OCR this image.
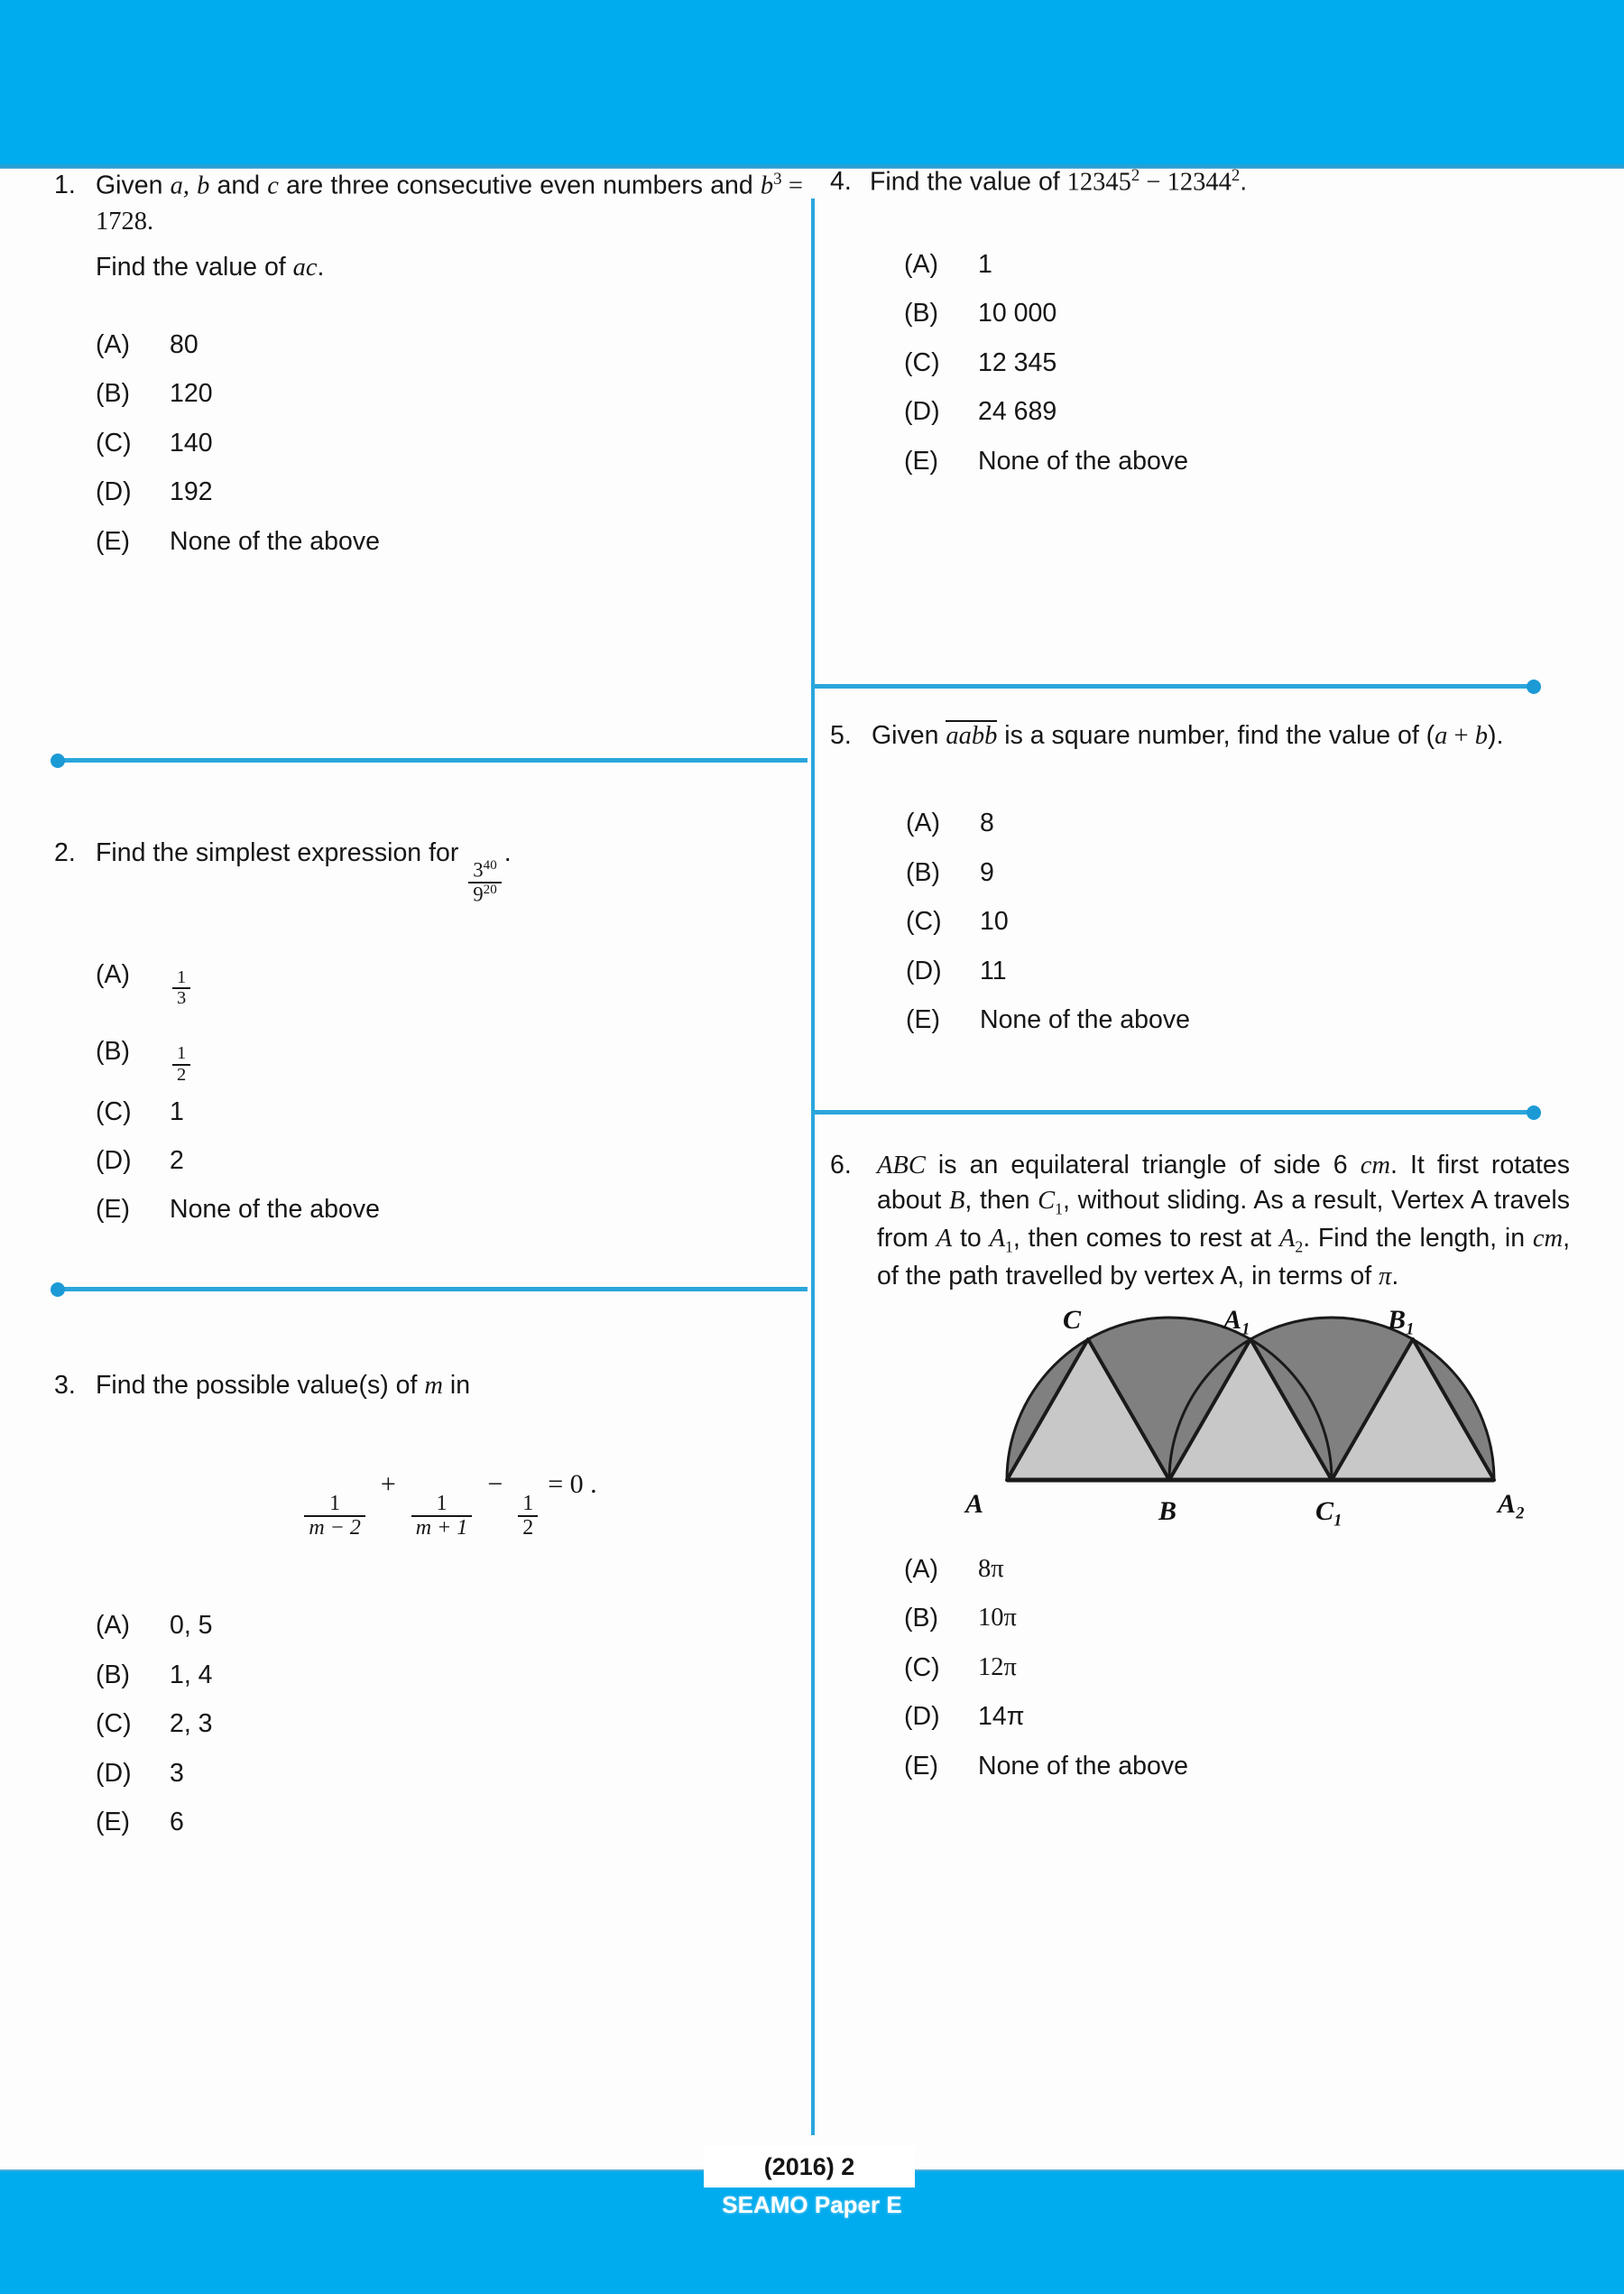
1. Given a, b and c are three consecutive even numbers and $b^3 = 1728$.
Find the value of ac.
(A)	80
(B)	120
(C)	140
(D)	192
(E)	None of the above
2. Find the simplest expression for
$\frac{3^{40}}{9^{20}}$
.
(A)	$\frac{1}{3}$
(B)	$\frac{1}{2}$
(C)	1
(D)	2
(E)	None of the above
3. Find the possible value(s) of m in
$\frac{1}{m - 2}$
+
$\frac{1}{m + 1}$
−
$\frac{1}{2}$
= 0 .
(A)	0, 5
(B)	1, 4
(C)	2, 3
(D)	3
(E)	6
4. Find the value of $12345^2 - 12344^2$.
(A)	1
(B)	10 000
(C)	12 345
(D)	24 689
(E)	None of the above
5. Given aabb is a square number, find the value of (a + b).
(A)	8
(B)	9
(C)	10
(D)	11
(E)	None of the above
6. ABC is an equilateral triangle of side 6 cm. It first rotates about B, then $C_1$, without sliding. As a result, Vertex A travels from A to $A_1$, then comes to rest at $A_2$. Find the length, in cm, of the path travelled by vertex A, in terms of π.
C	A₁	B₁
A	B	C₁	A₂
(A)	8π
(B)	10π
(C)	12π
(D)	14π
(E)	None of the above
(2016) 2
SEAMO Paper E
